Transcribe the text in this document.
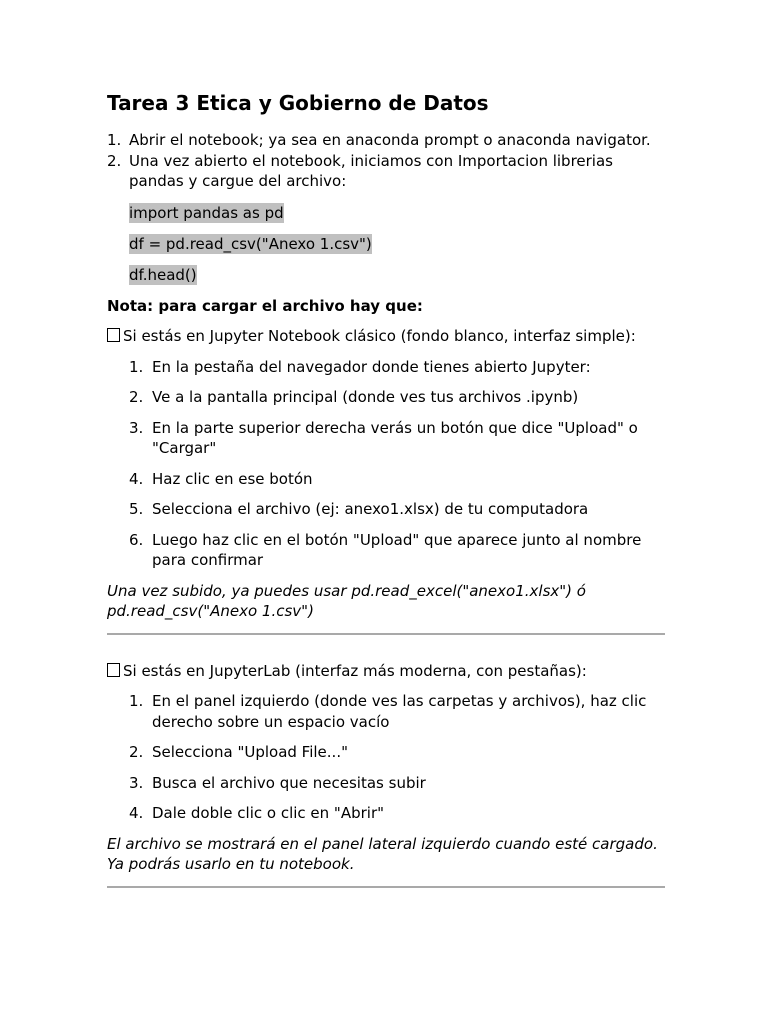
Tarea 3 Etica y Gobierno de Datos
1. Abrir el notebook; ya sea en anaconda prompt o anaconda navigator.
2. Una vez abierto el notebook, iniciamos con Importacion librerias pandas y cargue del archivo:
import pandas as pd
df = pd.read_csv("Anexo 1.csv")
df.head()

Nota: para cargar el archivo hay que:

Si estás en Jupyter Notebook clásico (fondo blanco, interfaz simple):

1. En la pestaña del navegador donde tienes abierto Jupyter:
2. Ve a la pantalla principal (donde ves tus archivos .ipynb)
3. En la parte superior derecha verás un botón que dice "Upload" o "Cargar"
4. Haz clic en ese botón
5. Selecciona el archivo (ej: anexo1.xlsx) de tu computadora
6. Luego haz clic en el botón "Upload" que aparece junto al nombre para confirmar

Una vez subido, ya puedes usar pd.read_excel("anexo1.xlsx") ó pd.read_csv("Anexo 1.csv")

Si estás en JupyterLab (interfaz más moderna, con pestañas):

1. En el panel izquierdo (donde ves las carpetas y archivos), haz clic derecho sobre un espacio vacío
2. Selecciona "Upload File..."
3. Busca el archivo que necesitas subir
4. Dale doble clic o clic en "Abrir"

El archivo se mostrará en el panel lateral izquierdo cuando esté cargado. Ya podrás usarlo en tu notebook.
